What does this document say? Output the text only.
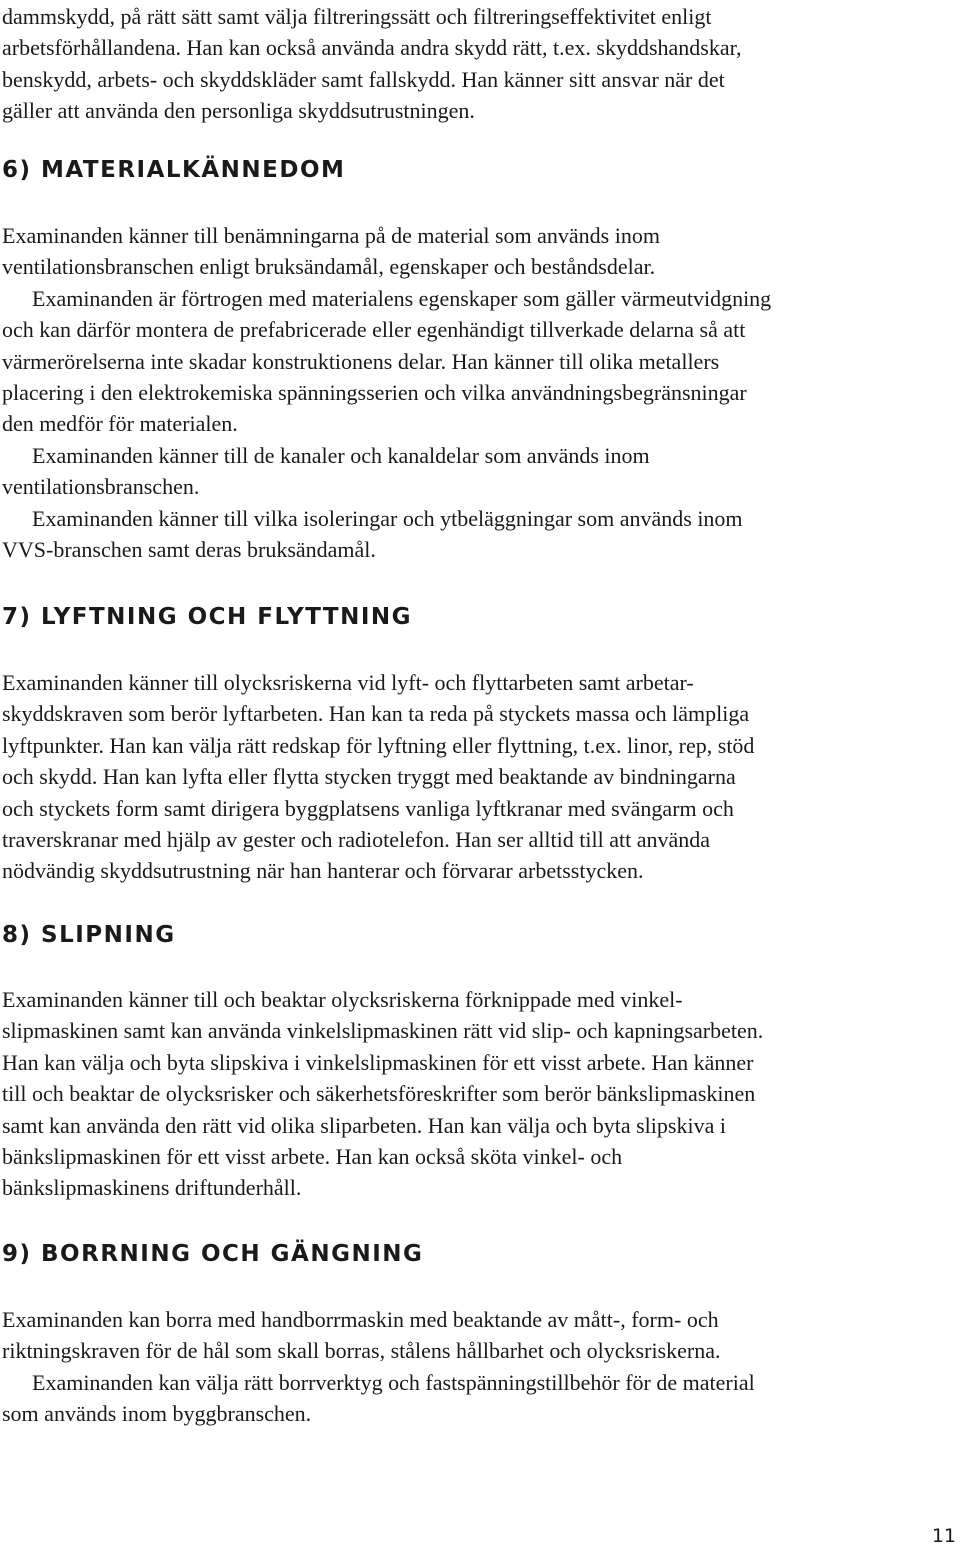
dammskydd, på rätt sätt samt välja filtreringssätt och filtreringseffektivitet enligt
arbetsförhållandena. Han kan också använda andra skydd rätt, t.ex. skyddshandskar,
benskydd, arbets- och skyddskläder samt fallskydd. Han känner sitt ansvar när det
gäller att använda den personliga skyddsutrustningen.

6) MATERIALKÄNNEDOM

Examinanden känner till benämningarna på de material som används inom
ventilationsbranschen enligt bruksändamål, egenskaper och beståndsdelar.
Examinanden är förtrogen med materialens egenskaper som gäller värmeutvidgning
och kan därför montera de prefabricerade eller egenhändigt tillverkade delarna så att
värmerörelserna inte skadar konstruktionens delar. Han känner till olika metallers
placering i den elektrokemiska spänningsserien och vilka användningsbegränsningar
den medför för materialen.
Examinanden känner till de kanaler och kanaldelar som används inom
ventilationsbranschen.
Examinanden känner till vilka isoleringar och ytbeläggningar som används inom
VVS-branschen samt deras bruksändamål.

7) LYFTNING OCH FLYTTNING

Examinanden känner till olycksriskerna vid lyft- och flyttarbeten samt arbetar-
skyddskraven som berör lyftarbeten. Han kan ta reda på styckets massa och lämpliga
lyftpunkter. Han kan välja rätt redskap för lyftning eller flyttning, t.ex. linor, rep, stöd
och skydd. Han kan lyfta eller flytta stycken tryggt med beaktande av bindningarna
och styckets form samt dirigera byggplatsens vanliga lyftkranar med svängarm och
traverskranar med hjälp av gester och radiotelefon. Han ser alltid till att använda
nödvändig skyddsutrustning när han hanterar och förvarar arbetsstycken.

8) SLIPNING

Examinanden känner till och beaktar olycksriskerna förknippade med vinkel-
slipmaskinen samt kan använda vinkelslipmaskinen rätt vid slip- och kapningsarbeten.
Han kan välja och byta slipskiva i vinkelslipmaskinen för ett visst arbete. Han känner
till och beaktar de olycksrisker och säkerhetsföreskrifter som berör bänkslipmaskinen
samt kan använda den rätt vid olika sliparbeten. Han kan välja och byta slipskiva i
bänkslipmaskinen för ett visst arbete. Han kan också sköta vinkel- och
bänkslipmaskinens driftunderhåll.

9) BORRNING OCH GÄNGNING

Examinanden kan borra med handborrmaskin med beaktande av mått-, form- och
riktningskraven för de hål som skall borras, stålens hållbarhet och olycksriskerna.
Examinanden kan välja rätt borrverktyg och fastspänningstillbehör för de material
som används inom byggbranschen.

11
